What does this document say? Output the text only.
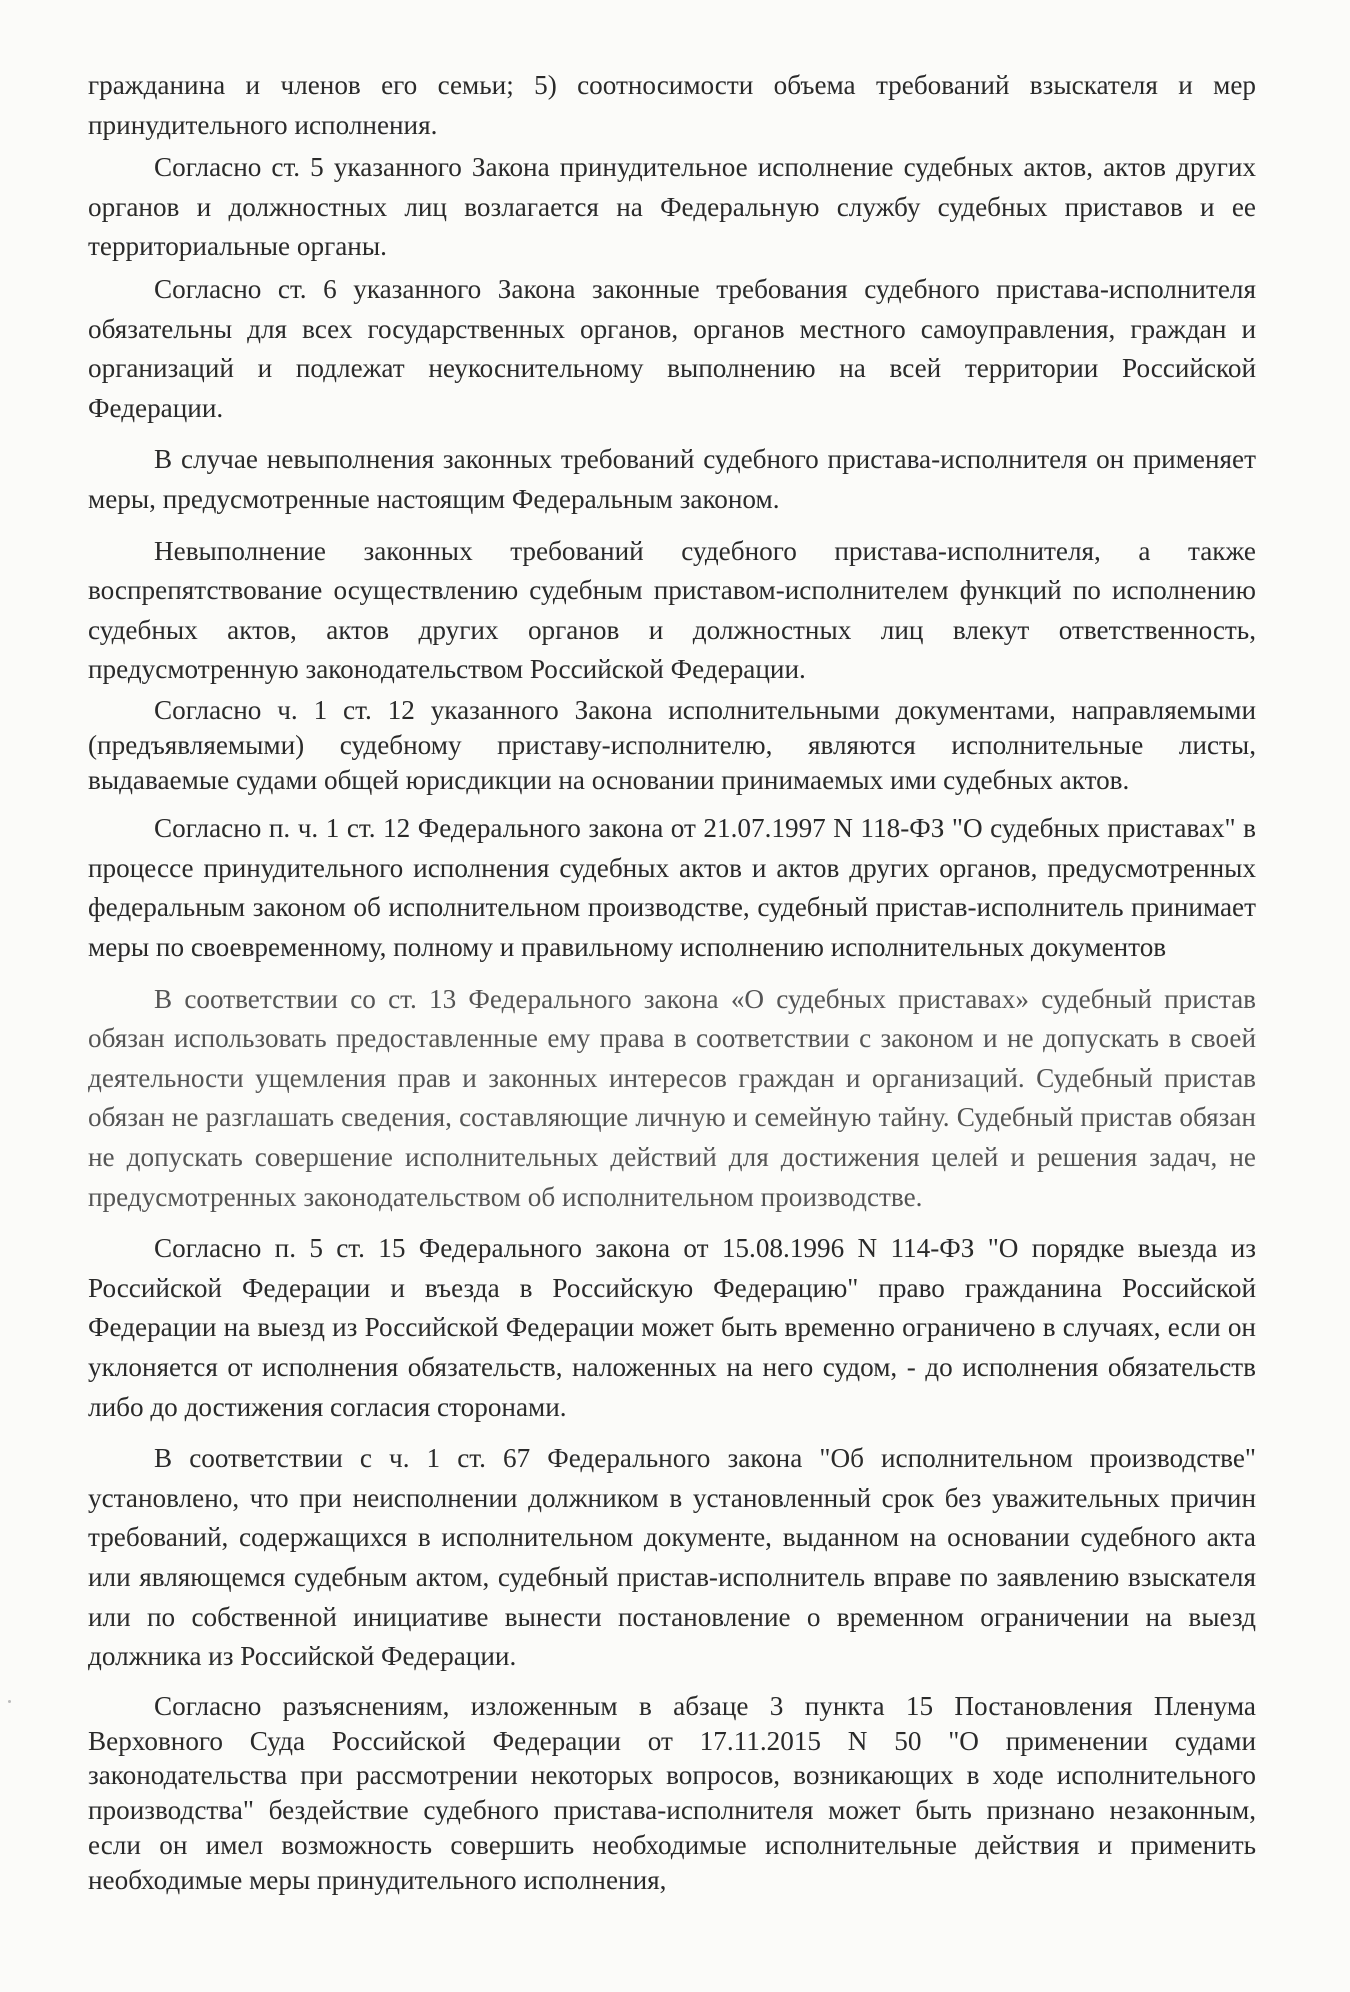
гражданина и членов его семьи; 5) соотносимости объема требований взыскателя и мер принудительного исполнения.

Согласно ст. 5 указанного Закона принудительное исполнение судебных актов, актов других органов и должностных лиц возлагается на Федеральную службу судебных приставов и ее территориальные органы.

Согласно ст. 6 указанного Закона законные требования судебного пристава-исполнителя обязательны для всех государственных органов, органов местного самоуправления, граждан и организаций и подлежат неукоснительному выполнению на всей территории Российской Федерации.

В случае невыполнения законных требований судебного пристава-исполнителя он применяет меры, предусмотренные настоящим Федеральным законом.

Невыполнение законных требований судебного пристава-исполнителя, а также воспрепятствование осуществлению судебным приставом-исполнителем функций по исполнению судебных актов, актов других органов и должностных лиц влекут ответственность, предусмотренную законодательством Российской Федерации.

Согласно ч. 1 ст. 12 указанного Закона исполнительными документами, направляемыми (предъявляемыми) судебному приставу-исполнителю, являются исполнительные листы, выдаваемые судами общей юрисдикции на основании принимаемых ими судебных актов.

Согласно п. ч. 1 ст. 12 Федерального закона от 21.07.1997 N 118-ФЗ "О судебных приставах" в процессе принудительного исполнения судебных актов и актов других органов, предусмотренных федеральным законом об исполнительном производстве, судебный пристав-исполнитель принимает меры по своевременному, полному и правильному исполнению исполнительных документов

В соответствии со ст. 13 Федерального закона «О судебных приставах» судебный пристав обязан использовать предоставленные ему права в соответствии с законом и не допускать в своей деятельности ущемления прав и законных интересов граждан и организаций. Судебный пристав обязан не разглашать сведения, составляющие личную и семейную тайну. Судебный пристав обязан не допускать совершение исполнительных действий для достижения целей и решения задач, не предусмотренных законодательством об исполнительном производстве.

Согласно п. 5 ст. 15 Федерального закона от 15.08.1996 N 114-ФЗ "О порядке выезда из Российской Федерации и въезда в Российскую Федерацию" право гражданина Российской Федерации на выезд из Российской Федерации может быть временно ограничено в случаях, если он уклоняется от исполнения обязательств, наложенных на него судом, - до исполнения обязательств либо до достижения согласия сторонами.

В соответствии с ч. 1 ст. 67 Федерального закона "Об исполнительном производстве" установлено, что при неисполнении должником в установленный срок без уважительных причин требований, содержащихся в исполнительном документе, выданном на основании судебного акта или являющемся судебным актом, судебный пристав-исполнитель вправе по заявлению взыскателя или по собственной инициативе вынести постановление о временном ограничении на выезд должника из Российской Федерации.

Согласно разъяснениям, изложенным в абзаце 3 пункта 15 Постановления Пленума Верховного Суда Российской Федерации от 17.11.2015 N 50 "О применении судами законодательства при рассмотрении некоторых вопросов, возникающих в ходе исполнительного производства" бездействие судебного пристава-исполнителя может быть признано незаконным, если он имел возможность совершить необходимые исполнительные действия и применить необходимые меры принудительного исполнения,
